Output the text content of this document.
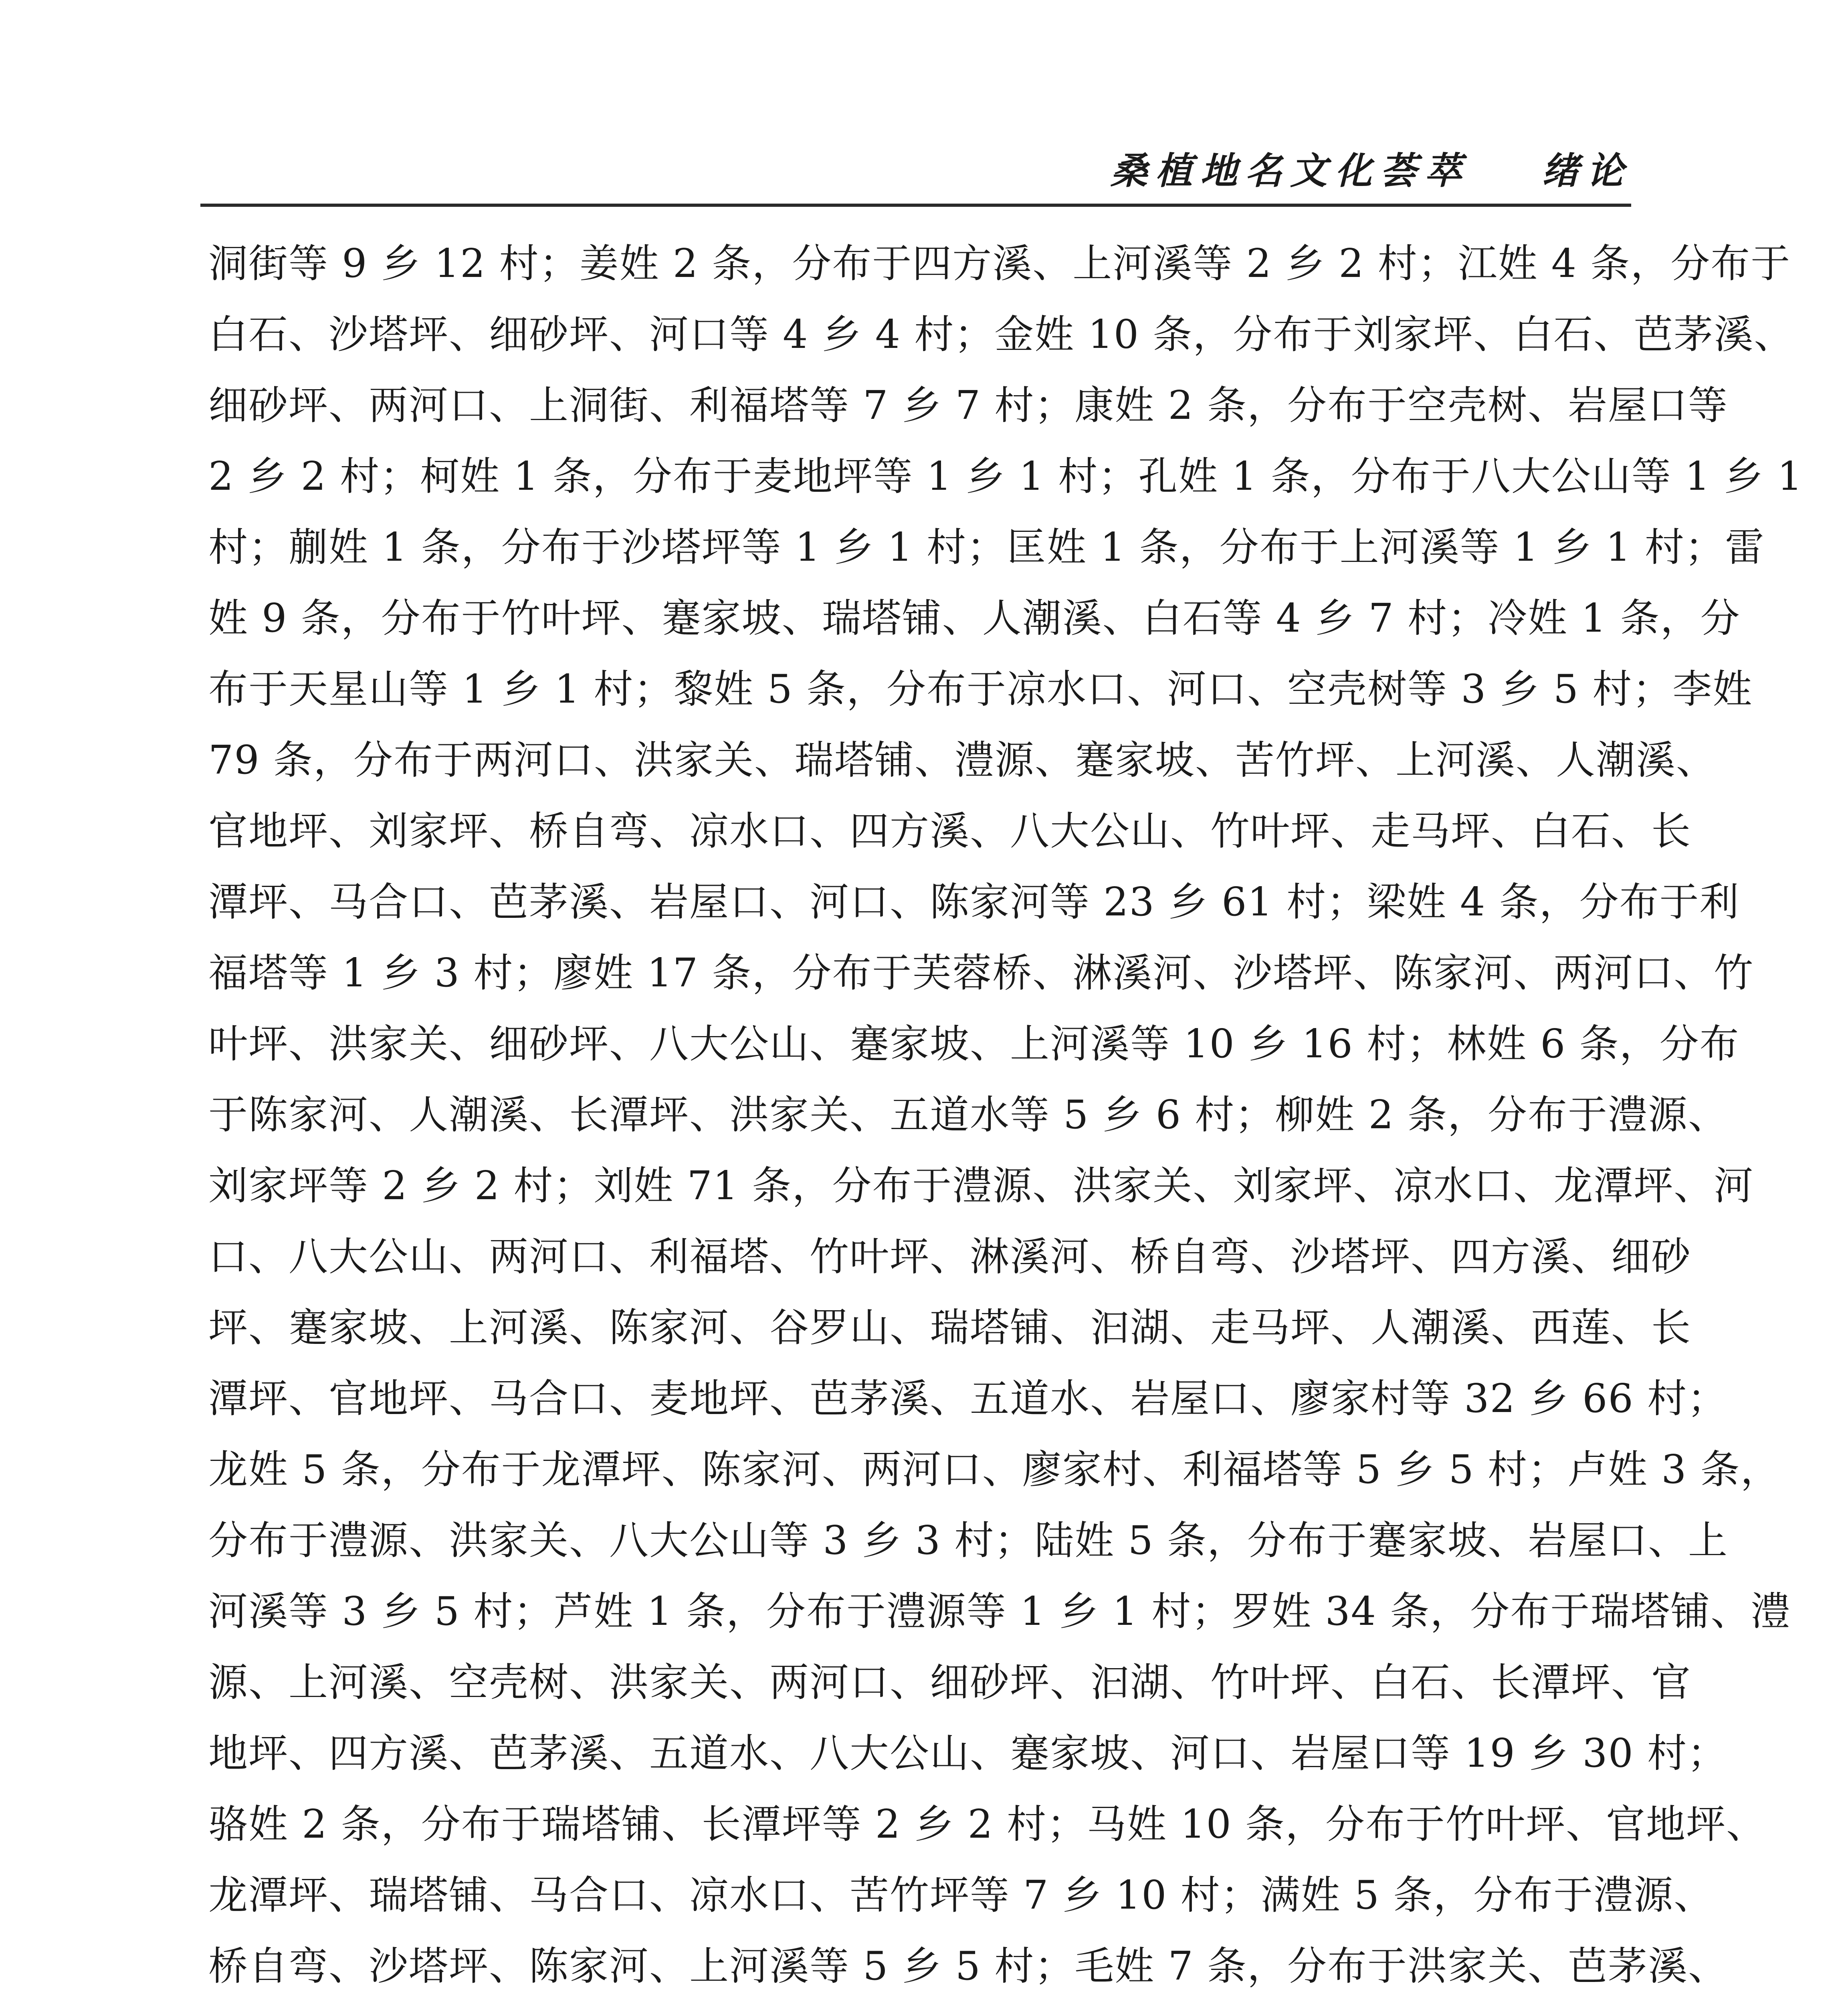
桑植地名文化荟萃 绪论
洞街等 9 乡 12 村；姜姓 2 条，分布于四方溪、上河溪等 2 乡 2 村；江姓 4 条，分布于
白石、沙塔坪、细砂坪、河口等 4 乡 4 村；金姓 10 条，分布于刘家坪、白石、芭茅溪、
细砂坪、两河口、上洞街、利福塔等 7 乡 7 村；康姓 2 条，分布于空壳树、岩屋口等
2 乡 2 村；柯姓 1 条，分布于麦地坪等 1 乡 1 村；孔姓 1 条，分布于八大公山等 1 乡 1
村；蒯姓 1 条，分布于沙塔坪等 1 乡 1 村；匡姓 1 条，分布于上河溪等 1 乡 1 村；雷
姓 9 条，分布于竹叶坪、蹇家坡、瑞塔铺、人潮溪、白石等 4 乡 7 村；冷姓 1 条，分
布于天星山等 1 乡 1 村；黎姓 5 条，分布于凉水口、河口、空壳树等 3 乡 5 村；李姓
79 条，分布于两河口、洪家关、瑞塔铺、澧源、蹇家坡、苦竹坪、上河溪、人潮溪、
官地坪、刘家坪、桥自弯、凉水口、四方溪、八大公山、竹叶坪、走马坪、白石、长
潭坪、马合口、芭茅溪、岩屋口、河口、陈家河等 23 乡 61 村；梁姓 4 条，分布于利
福塔等 1 乡 3 村；廖姓 17 条，分布于芙蓉桥、淋溪河、沙塔坪、陈家河、两河口、竹
叶坪、洪家关、细砂坪、八大公山、蹇家坡、上河溪等 10 乡 16 村；林姓 6 条，分布
于陈家河、人潮溪、长潭坪、洪家关、五道水等 5 乡 6 村；柳姓 2 条，分布于澧源、
刘家坪等 2 乡 2 村；刘姓 71 条，分布于澧源、洪家关、刘家坪、凉水口、龙潭坪、河
口、八大公山、两河口、利福塔、竹叶坪、淋溪河、桥自弯、沙塔坪、四方溪、细砂
坪、蹇家坡、上河溪、陈家河、谷罗山、瑞塔铺、汩湖、走马坪、人潮溪、西莲、长
潭坪、官地坪、马合口、麦地坪、芭茅溪、五道水、岩屋口、廖家村等 32 乡 66 村；
龙姓 5 条，分布于龙潭坪、陈家河、两河口、廖家村、利福塔等 5 乡 5 村；卢姓 3 条，
分布于澧源、洪家关、八大公山等 3 乡 3 村；陆姓 5 条，分布于蹇家坡、岩屋口、上
河溪等 3 乡 5 村；芦姓 1 条，分布于澧源等 1 乡 1 村；罗姓 34 条，分布于瑞塔铺、澧
源、上河溪、空壳树、洪家关、两河口、细砂坪、汩湖、竹叶坪、白石、长潭坪、官
地坪、四方溪、芭茅溪、五道水、八大公山、蹇家坡、河口、岩屋口等 19 乡 30 村；
骆姓 2 条，分布于瑞塔铺、长潭坪等 2 乡 2 村；马姓 10 条，分布于竹叶坪、官地坪、
龙潭坪、瑞塔铺、马合口、凉水口、苦竹坪等 7 乡 10 村；满姓 5 条，分布于澧源、
桥自弯、沙塔坪、陈家河、上河溪等 5 乡 5 村；毛姓 7 条，分布于洪家关、芭茅溪、
